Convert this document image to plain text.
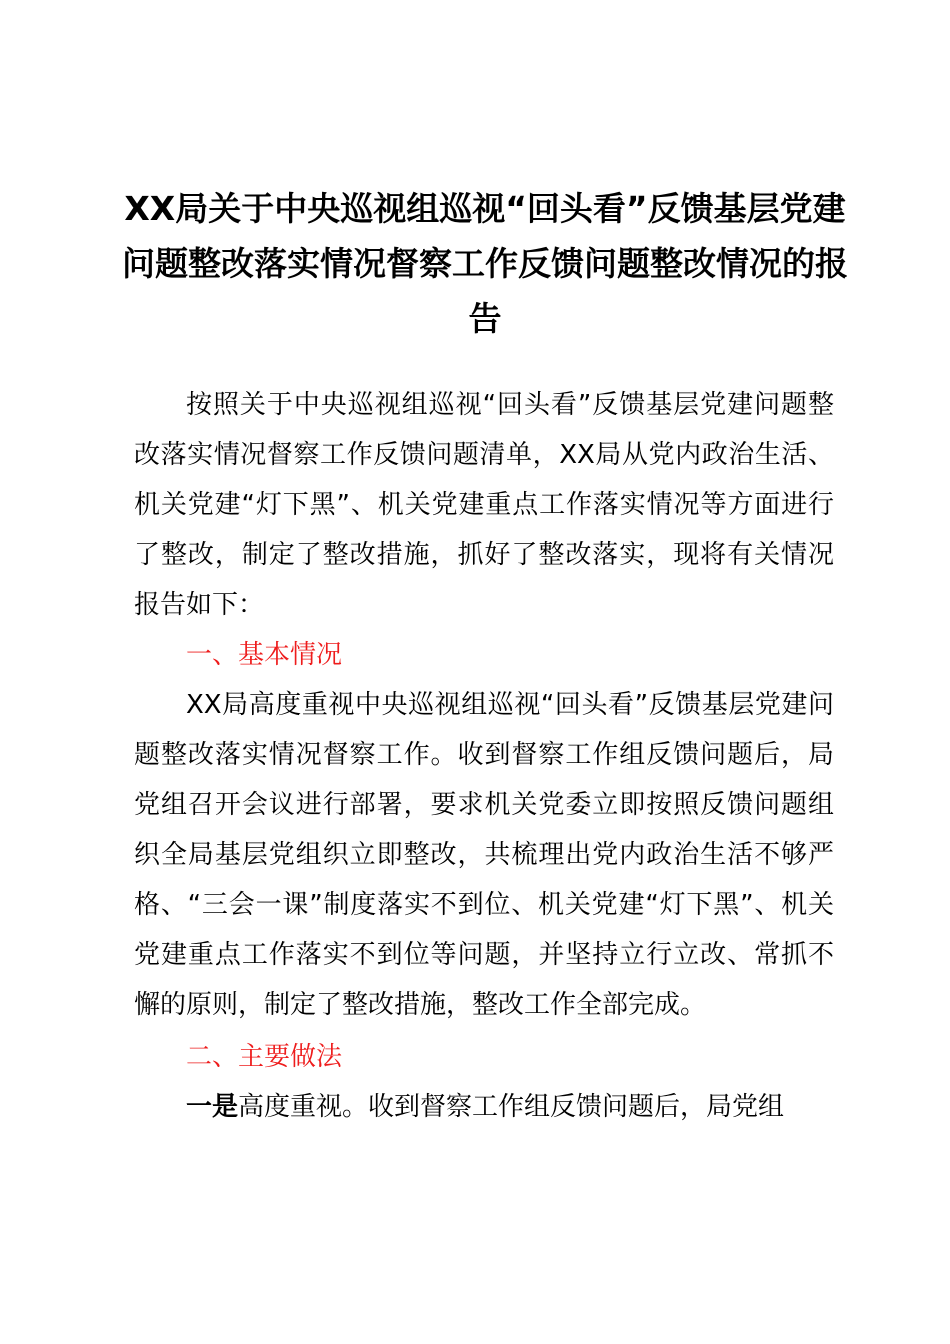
XX局关于中央巡视组巡视“回头看”反馈基层党建问题整改落实情况督察工作反馈问题整改情况的报告

按照关于中央巡视组巡视“回头看”反馈基层党建问题整改落实情况督察工作反馈问题清单，XX局从党内政治生活、机关党建“灯下黑”、机关党建重点工作落实情况等方面进行了整改，制定了整改措施，抓好了整改落实，现将有关情况报告如下：

一、基本情况

XX局高度重视中央巡视组巡视“回头看”反馈基层党建问题整改落实情况督察工作。收到督察工作组反馈问题后，局党组召开会议进行部署，要求机关党委立即按照反馈问题组织全局基层党组织立即整改，共梳理出党内政治生活不够严格、“三会一课”制度落实不到位、机关党建“灯下黑”、机关党建重点工作落实不到位等问题，并坚持立行立改、常抓不懈的原则，制定了整改措施，整改工作全部完成。

二、主要做法

一是高度重视。收到督察工作组反馈问题后，局党组
